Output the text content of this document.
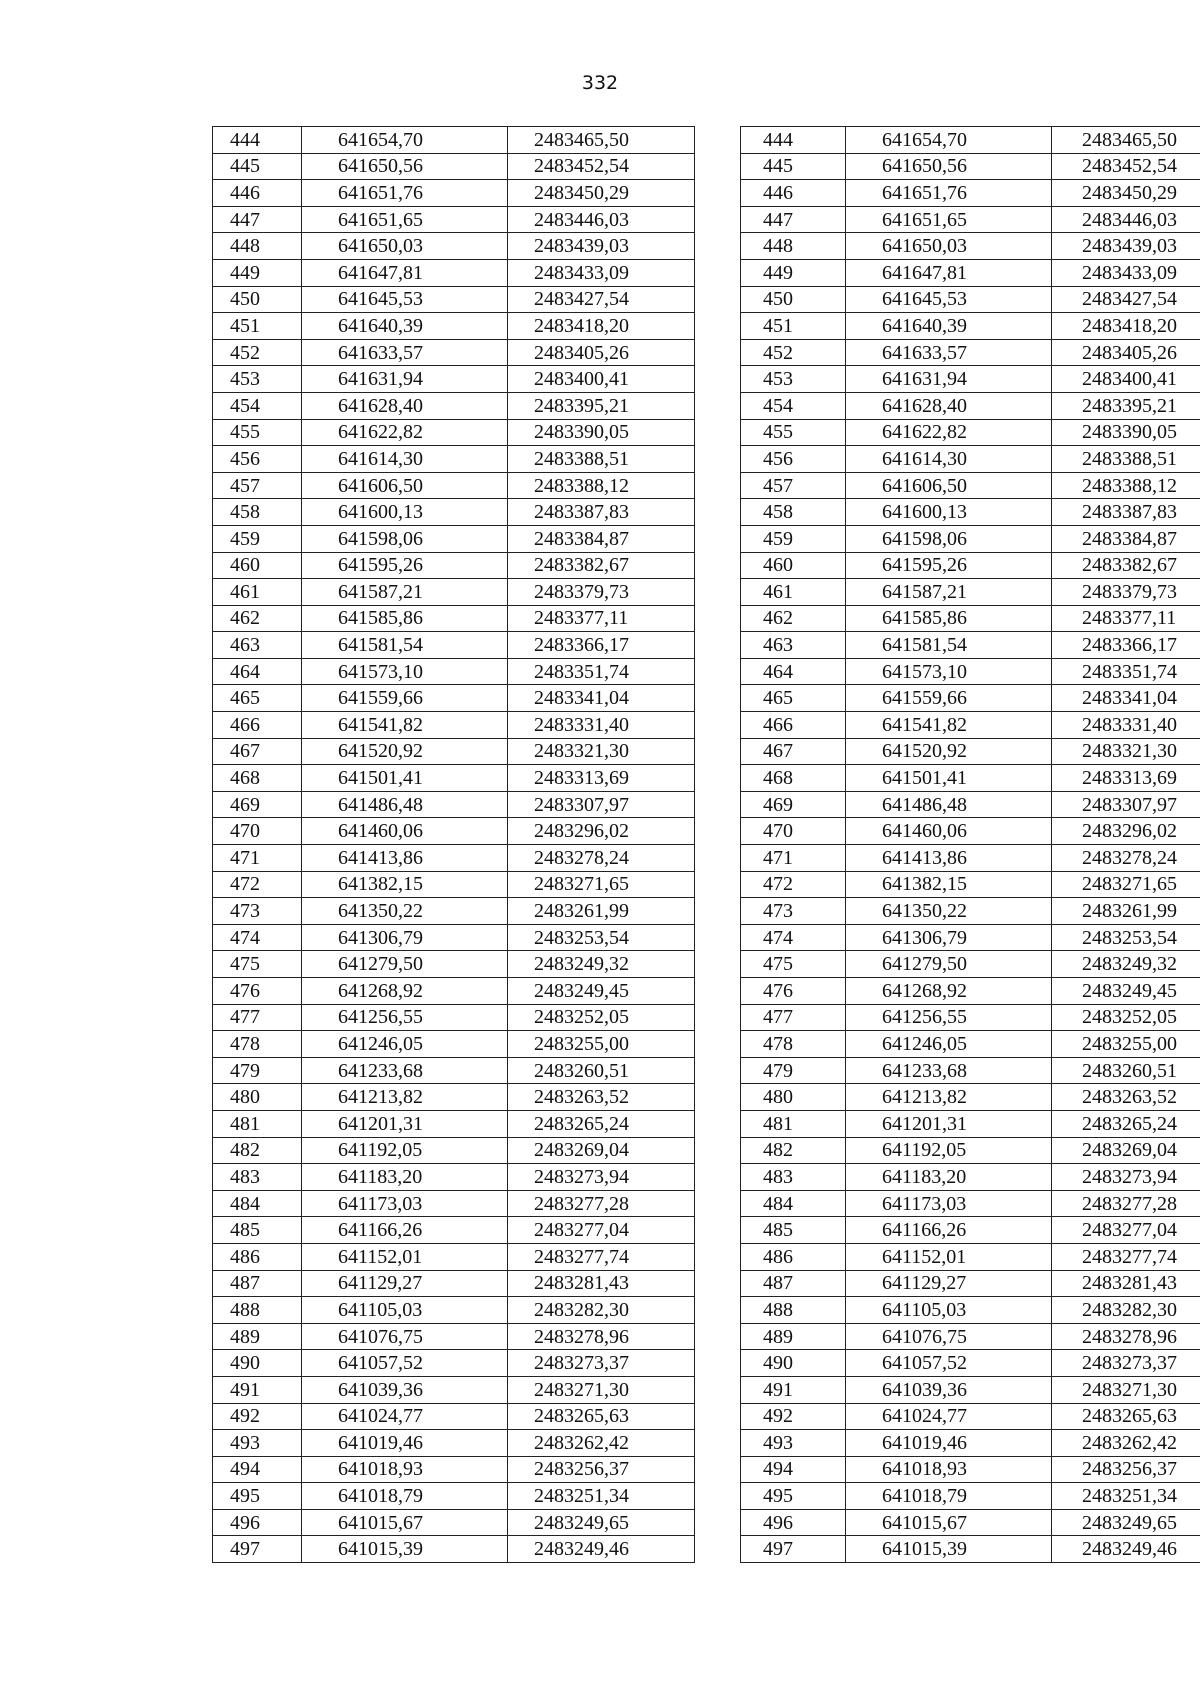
332
444	641654,70	2483465,50		444	641654,70	2483465,50
445	641650,56	2483452,54		445	641650,56	2483452,54
446	641651,76	2483450,29		446	641651,76	2483450,29
447	641651,65	2483446,03		447	641651,65	2483446,03
448	641650,03	2483439,03		448	641650,03	2483439,03
449	641647,81	2483433,09		449	641647,81	2483433,09
450	641645,53	2483427,54		450	641645,53	2483427,54
451	641640,39	2483418,20		451	641640,39	2483418,20
452	641633,57	2483405,26		452	641633,57	2483405,26
453	641631,94	2483400,41		453	641631,94	2483400,41
454	641628,40	2483395,21		454	641628,40	2483395,21
455	641622,82	2483390,05		455	641622,82	2483390,05
456	641614,30	2483388,51		456	641614,30	2483388,51
457	641606,50	2483388,12		457	641606,50	2483388,12
458	641600,13	2483387,83		458	641600,13	2483387,83
459	641598,06	2483384,87		459	641598,06	2483384,87
460	641595,26	2483382,67		460	641595,26	2483382,67
461	641587,21	2483379,73		461	641587,21	2483379,73
462	641585,86	2483377,11		462	641585,86	2483377,11
463	641581,54	2483366,17		463	641581,54	2483366,17
464	641573,10	2483351,74		464	641573,10	2483351,74
465	641559,66	2483341,04		465	641559,66	2483341,04
466	641541,82	2483331,40		466	641541,82	2483331,40
467	641520,92	2483321,30		467	641520,92	2483321,30
468	641501,41	2483313,69		468	641501,41	2483313,69
469	641486,48	2483307,97		469	641486,48	2483307,97
470	641460,06	2483296,02		470	641460,06	2483296,02
471	641413,86	2483278,24		471	641413,86	2483278,24
472	641382,15	2483271,65		472	641382,15	2483271,65
473	641350,22	2483261,99		473	641350,22	2483261,99
474	641306,79	2483253,54		474	641306,79	2483253,54
475	641279,50	2483249,32		475	641279,50	2483249,32
476	641268,92	2483249,45		476	641268,92	2483249,45
477	641256,55	2483252,05		477	641256,55	2483252,05
478	641246,05	2483255,00		478	641246,05	2483255,00
479	641233,68	2483260,51		479	641233,68	2483260,51
480	641213,82	2483263,52		480	641213,82	2483263,52
481	641201,31	2483265,24		481	641201,31	2483265,24
482	641192,05	2483269,04		482	641192,05	2483269,04
483	641183,20	2483273,94		483	641183,20	2483273,94
484	641173,03	2483277,28		484	641173,03	2483277,28
485	641166,26	2483277,04		485	641166,26	2483277,04
486	641152,01	2483277,74		486	641152,01	2483277,74
487	641129,27	2483281,43		487	641129,27	2483281,43
488	641105,03	2483282,30		488	641105,03	2483282,30
489	641076,75	2483278,96		489	641076,75	2483278,96
490	641057,52	2483273,37		490	641057,52	2483273,37
491	641039,36	2483271,30		491	641039,36	2483271,30
492	641024,77	2483265,63		492	641024,77	2483265,63
493	641019,46	2483262,42		493	641019,46	2483262,42
494	641018,93	2483256,37		494	641018,93	2483256,37
495	641018,79	2483251,34		495	641018,79	2483251,34
496	641015,67	2483249,65		496	641015,67	2483249,65
497	641015,39	2483249,46		497	641015,39	2483249,46
